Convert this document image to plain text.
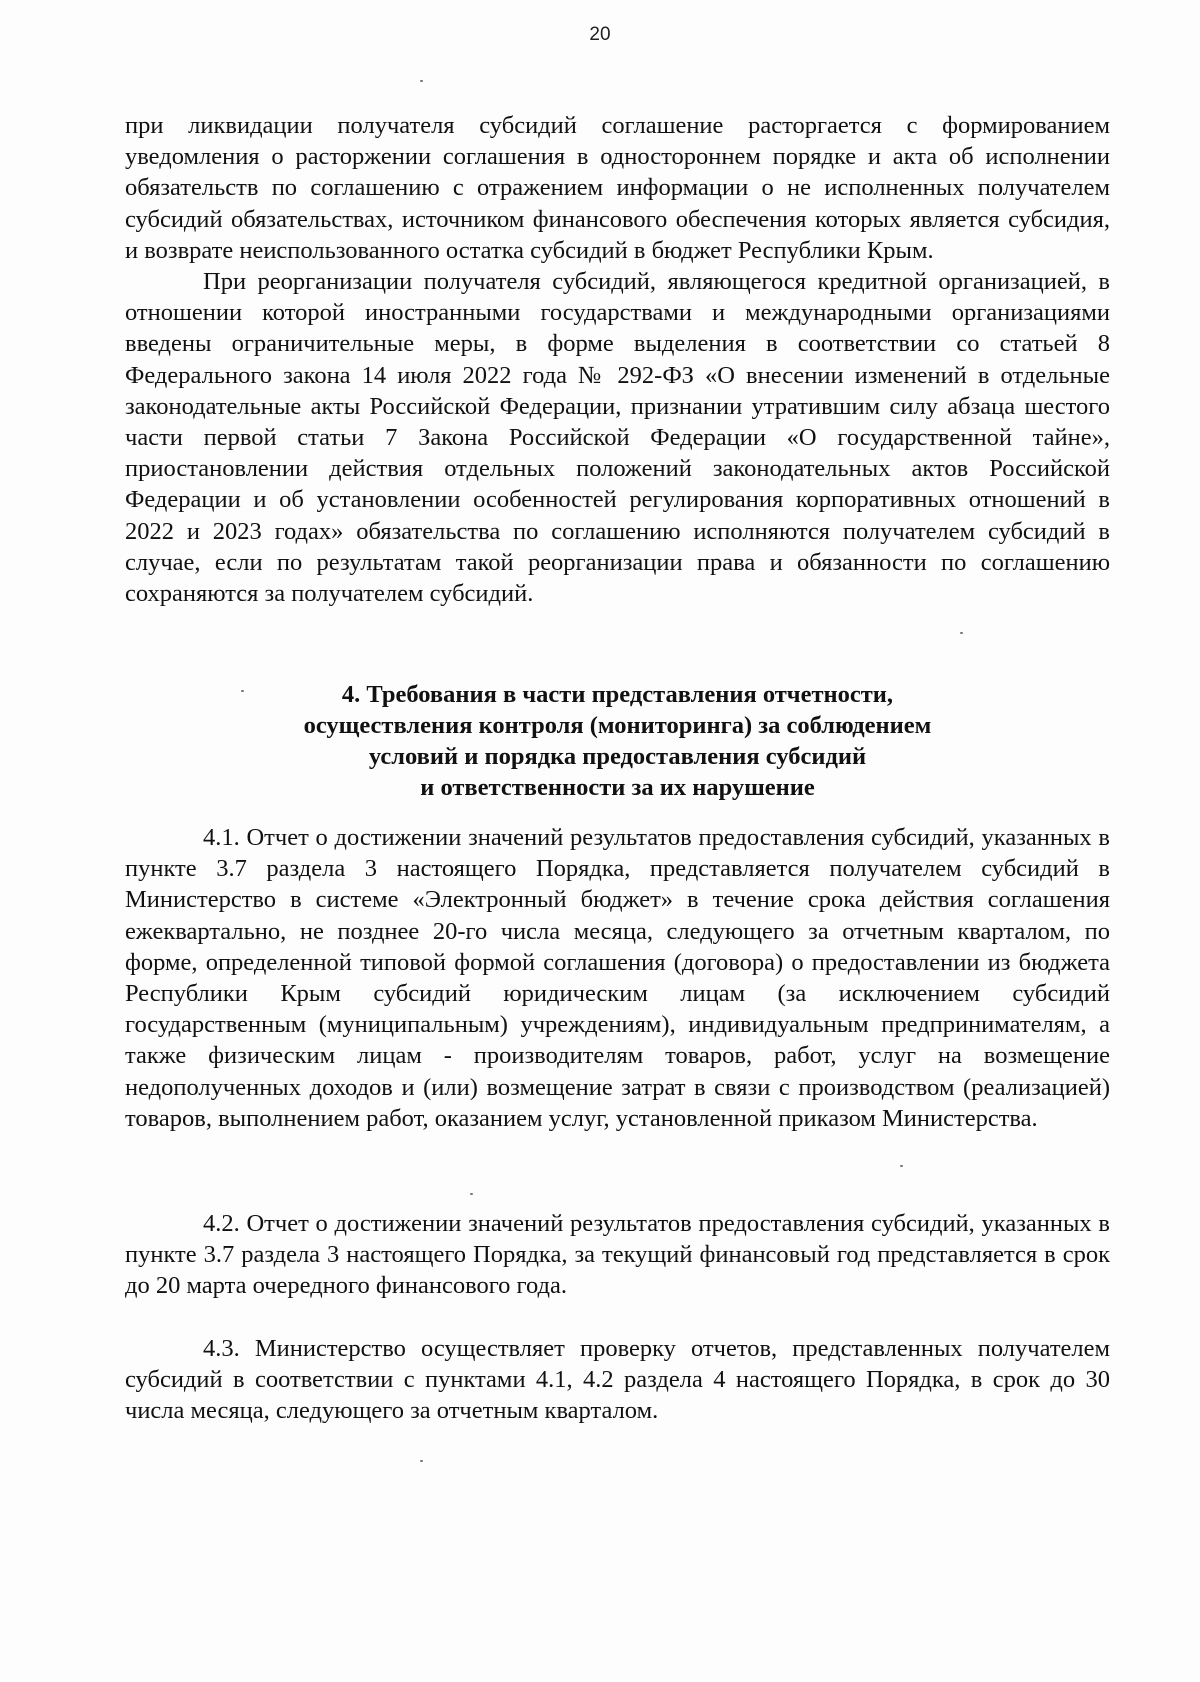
20

при ликвидации получателя субсидий соглашение расторгается с формированием уведомления о расторжении соглашения в одностороннем порядке и акта об исполнении обязательств по соглашению с отражением информации о не исполненных получателем субсидий обязательствах, источником финансового обеспечения которых является субсидия, и возврате неиспользованного остатка субсидий в бюджет Республики Крым.

При реорганизации получателя субсидий, являющегося кредитной организацией, в отношении которой иностранными государствами и международными организациями введены ограничительные меры, в форме выделения в соответствии со статьей 8 Федерального закона 14 июля 2022 года № 292-ФЗ «О внесении изменений в отдельные законодательные акты Российской Федерации, признании утратившим силу абзаца шестого части первой статьи 7 Закона Российской Федерации «О государственной тайне», приостановлении действия отдельных положений законодательных актов Российской Федерации и об установлении особенностей регулирования корпоративных отношений в 2022 и 2023 годах» обязательства по соглашению исполняются получателем субсидий в случае, если по результатам такой реорганизации права и обязанности по соглашению сохраняются за получателем субсидий.

4. Требования в части представления отчетности,
осуществления контроля (мониторинга) за соблюдением
условий и порядка предоставления субсидий
и ответственности за их нарушение

4.1. Отчет о достижении значений результатов предоставления субсидий, указанных в пункте 3.7 раздела 3 настоящего Порядка, представляется получателем субсидий в Министерство в системе «Электронный бюджет» в течение срока действия соглашения ежеквартально, не позднее 20-го числа месяца, следующего за отчетным кварталом, по форме, определенной типовой формой соглашения (договора) о предоставлении из бюджета Республики Крым субсидий юридическим лицам (за исключением субсидий государственным (муниципальным) учреждениям), индивидуальным предпринимателям, а также физическим лицам - производителям товаров, работ, услуг на возмещение недополученных доходов и (или) возмещение затрат в связи с производством (реализацией) товаров, выполнением работ, оказанием услуг, установленной приказом Министерства.

4.2. Отчет о достижении значений результатов предоставления субсидий, указанных в пункте 3.7 раздела 3 настоящего Порядка, за текущий финансовый год представляется в срок до 20 марта очередного финансового года.

4.3. Министерство осуществляет проверку отчетов, представленных получателем субсидий в соответствии с пунктами 4.1, 4.2 раздела 4 настоящего Порядка, в срок до 30 числа месяца, следующего за отчетным кварталом.
